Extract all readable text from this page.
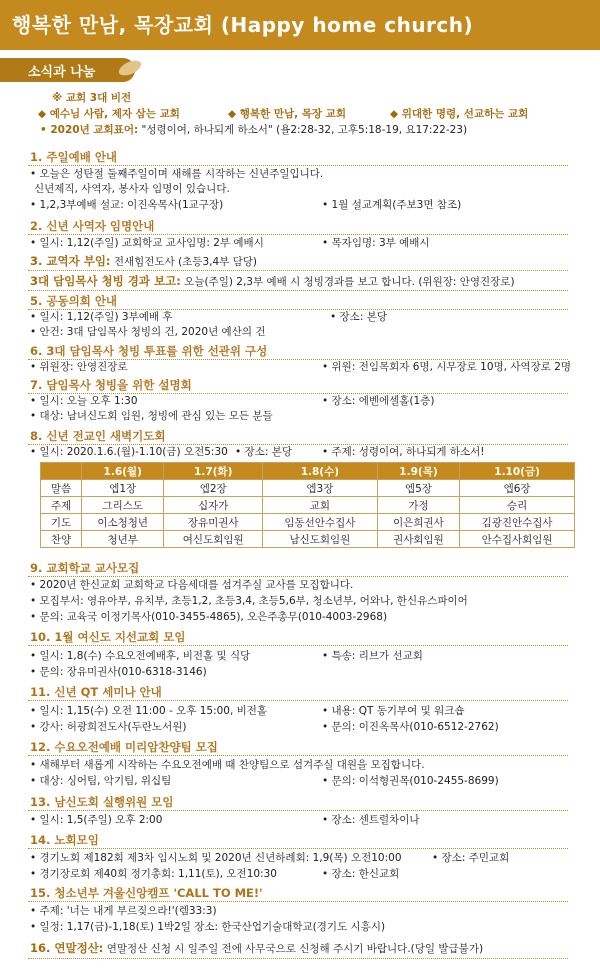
행복한 만남, 목장교회 (Happy home church)
소식과 나눔
※ 교회 3대 비전
◆ 예수님 사람, 제자 삼는 교회	◆ 행복한 만남, 목장 교회	◆ 위대한 명령, 선교하는 교회
• 2020년 교회표어: "성령이여, 하나되게 하소서" (욜2:28-32, 고후5:18-19, 요17:22-23)
1. 주일예배 안내
• 오늘은 성탄절 둘째주일이며 새해를 시작하는 신년주일입니다.
신년제직, 사역자, 봉사자 임명이 있습니다.
• 1,2,3부예배 설교: 이진옥목사(1교구장)	• 1월 설교계획(주보3면 참조)
2. 신년 사역자 임명안내
• 일시: 1,12(주일) 교회학교 교사임명: 2부 예배시	• 목자임명: 3부 예배시
3. 교역자 부임: 전새힘전도사 (초등3,4부 담당)
3대 담임목사 청빙 경과 보고: 오늘(주일) 2,3부 예배 시 청빙경과를 보고 합니다. (위원장: 안영진장로)
5. 공동의회 안내
• 일시: 1,12(주일) 3부예배 후	• 장소: 본당
• 안건: 3대 담임목사 청빙의 건, 2020년 예산의 건
6. 3대 담임목사 청빙 투표를 위한 선관위 구성
• 위원장: 안영진장로	• 위원: 전임목회자 6명, 시무장로 10명, 사역장로 2명
7. 담임목사 청빙을 위한 설명회
• 일시: 오늘 오후 1:30	• 장소: 에벤에셀홀(1층)
• 대상: 남녀신도회 임원, 청빙에 관심 있는 모든 분들
8. 신년 전교인 새벽기도회
• 일시: 2020.1.6.(월)-1.10(금) 오전5:30 • 장소: 본당	• 주제: 성령이여, 하나되게 하소서!
	1.6(월)	1.7(화)	1.8(수)	1.9(목)	1.10(금)
말씀	엡1장	엡2장	엡3장	엡5장	엡6장
주제	그리스도	십자가	교회	가정	승리
기도	이소청청년	장유미권사	임동선안수집사	이은희권사	김광진안수집사
찬양	청년부	여신도회임원	남신도회임원	권사회임원	안수집사회임원
9. 교회학교 교사모집
• 2020년 한신교회 교회학교 다음세대를 섬겨주실 교사를 모집합니다.
• 모집부서: 영유아부, 유치부, 초등1,2, 초등3,4, 초등5,6부, 청소년부, 어와나, 한신유스파이어
• 문의: 교육국 이정기목사(010-3455-4865), 오은주총무(010-4003-2968)
10. 1월 여신도 지선교회 모임
• 일시: 1,8(수) 수요오전예배후, 비전홀 및 식당	• 특송: 리브가 선교회
• 문의: 장유미권사(010-6318-3146)
11. 신년 QT 세미나 안내
• 일시: 1,15(수) 오전 11:00 - 오후 15:00, 비전홀	• 내용: QT 동기부여 및 워크숍
• 강사: 허광희전도사(두란노서원)	• 문의: 이진옥목사(010-6512-2762)
12. 수요오전예배 미리암찬양팀 모집
• 새해부터 새롭게 시작하는 수요오전예배 때 찬양팀으로 섬겨주실 대원을 모집합니다.
• 대상: 싱어팀, 악기팀, 위십팀	• 문의: 이석형권목(010-2455-8699)
13. 남신도회 실행위원 모임
• 일시: 1,5(주일) 오후 2:00	• 장소: 센트럴차이나
14. 노회모임
• 경기노회 제182회 제3차 임시노회 및 2020년 신년하례회: 1,9(목) 오전10:00	• 장소: 주민교회
• 경기장로회 제40회 정기총회: 1,11(토), 오전10:30	• 장소: 한신교회
15. 청소년부 겨울신앙캠프 'CALL TO ME!'
• 주제: '너는 내게 부르짖으라!'(렘33:3)
• 일정: 1,17(금)-1,18(토) 1박2일 장소: 한국산업기술대학교(경기도 시흥시)
16. 연말정산: 연말정산 신청 시 일주일 전에 사무국으로 신청해 주시기 바랍니다.(당일 발급불가)
